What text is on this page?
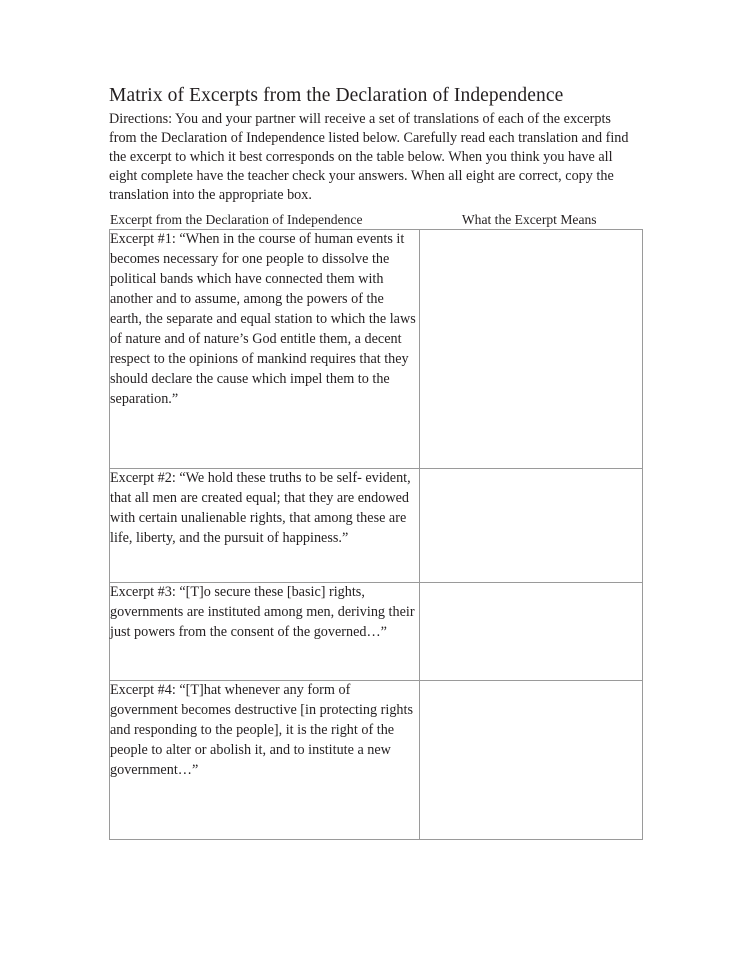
Matrix of Excerpts from the Declaration of Independence

Directions: You and your partner will receive a set of translations of each of the excerpts from the Declaration of Independence listed below. Carefully read each translation and find the excerpt to which it best corresponds on the table below. When you think you have all eight complete have the teacher check your answers. When all eight are correct, copy the translation into the appropriate box.

Excerpt from the Declaration of Independence	What the Excerpt Means

Excerpt #1: “When in the course of human events it becomes necessary for one people to dissolve the political bands which have connected them with another and to assume, among the powers of the earth, the separate and equal station to which the laws of nature and of nature’s God entitle them, a decent respect to the opinions of mankind requires that they should declare the cause which impel them to the separation.”	

Excerpt #2: “We hold these truths to be self- evident, that all men are created equal; that they are endowed with certain unalienable rights, that among these are life, liberty, and the pursuit of happiness.”	

Excerpt #3: “[T]o secure these [basic] rights, governments are instituted among men, deriving their just powers from the consent of the governed…”	

Excerpt #4: “[T]hat whenever any form of government becomes destructive [in protecting rights and responding to the people], it is the right of the people to alter or abolish it, and to institute a new government…”	
